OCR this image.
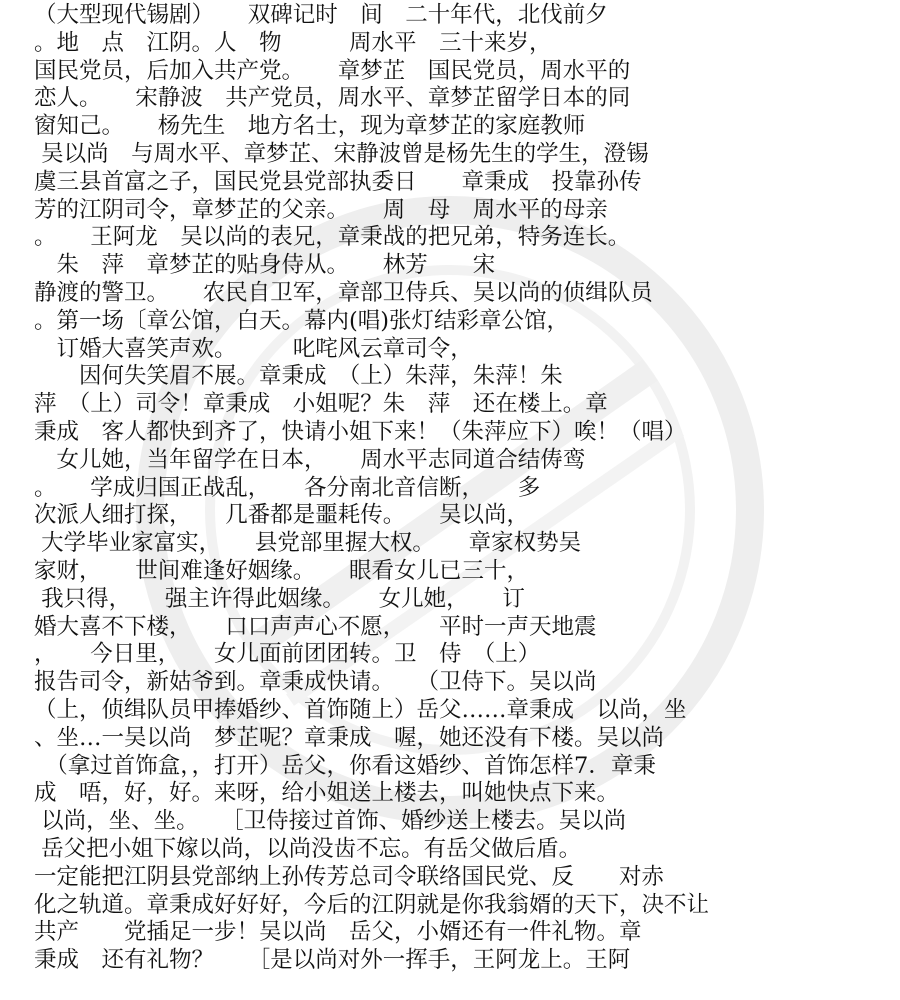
（大型现代锡剧）　　双碑记时　间　二十年代，北伐前夕
。地　点　江阴。人　物　　　周水平　三十来岁，
国民党员，后加入共产党。　　章梦芷　国民党员，周水平的
恋人。　　宋静波　共产党员，周水平、章梦芷留学日本的同
窗知己。　　杨先生　地方名士，现为章梦芷的家庭教师
吴以尚　与周水平、章梦芷、宋静波曾是杨先生的学生，澄锡
虞三县首富之子，国民党县党部执委日　　章秉成　投靠孙传
芳的江阴司令，章梦芷的父亲。　　周　母　周水平的母亲
。　　王阿龙　吴以尚的表兄，章秉战的把兄弟，特务连长。
　朱　萍　章梦芷的贴身侍从。　　林芳　　宋
静渡的警卫。　　农民自卫军，章部卫侍兵、吴以尚的侦缉队员
。第一场〔章公馆，白天。幕内(唱)张灯结彩章公馆，
　订婚大喜笑声欢。　　　叱咤风云章司令，
　　因何失笑眉不展。章秉成　（上）朱萍，朱萍！朱
萍　（上）司令！章秉成　小姐呢？朱　萍　还在楼上。章
秉成　客人都快到齐了，快请小姐下来！（朱萍应下）唉！（唱）
　女儿她，当年留学在日本，　　周水平志同道合结俦鸾
。　　学成归国正战乱，　　各分南北音信断，　　多
次派人细打探，　　几番都是噩耗传。　　吴以尚，
大学毕业家富实，　　县党部里握大权。　　章家权势吴
家财，　　世间难逢好姻缘。　　眼看女儿已三十，
我只得，　　强主许得此姻缘。　　女儿她，　　订
婚大喜不下楼，　　口口声声心不愿，　　平时一声天地震
，　　今日里，　　女儿面前团团转。卫　侍　（上）
报告司令，新姑爷到。章秉成快请。　　（卫侍下。吴以尚
（上，侦缉队员甲捧婚纱、首饰随上）岳父……章秉成　以尚，坐
、坐…一吴以尚　梦芷呢？章秉成　喔，她还没有下楼。吴以尚
　（拿过首饰盒，，打开）岳父，你看这婚纱、首饰怎样7．章秉
成　唔，好，好。来呀，给小姐送上楼去，叫她快点下来。
以尚，坐、坐。　　［卫侍接过首饰、婚纱送上楼去。吴以尚
岳父把小姐下嫁以尚，以尚没齿不忘。有岳父做后盾。
一定能把江阴县党部纳上孙传芳总司令联络国民党、反　　对赤
化之轨道。章秉成好好好，今后的江阴就是你我翁婿的天下，决不让
共产　　党插足一步！吴以尚　岳父，小婿还有一件礼物。章
秉成　还有礼物？　　［是以尚对外一挥手，王阿龙上。王阿
